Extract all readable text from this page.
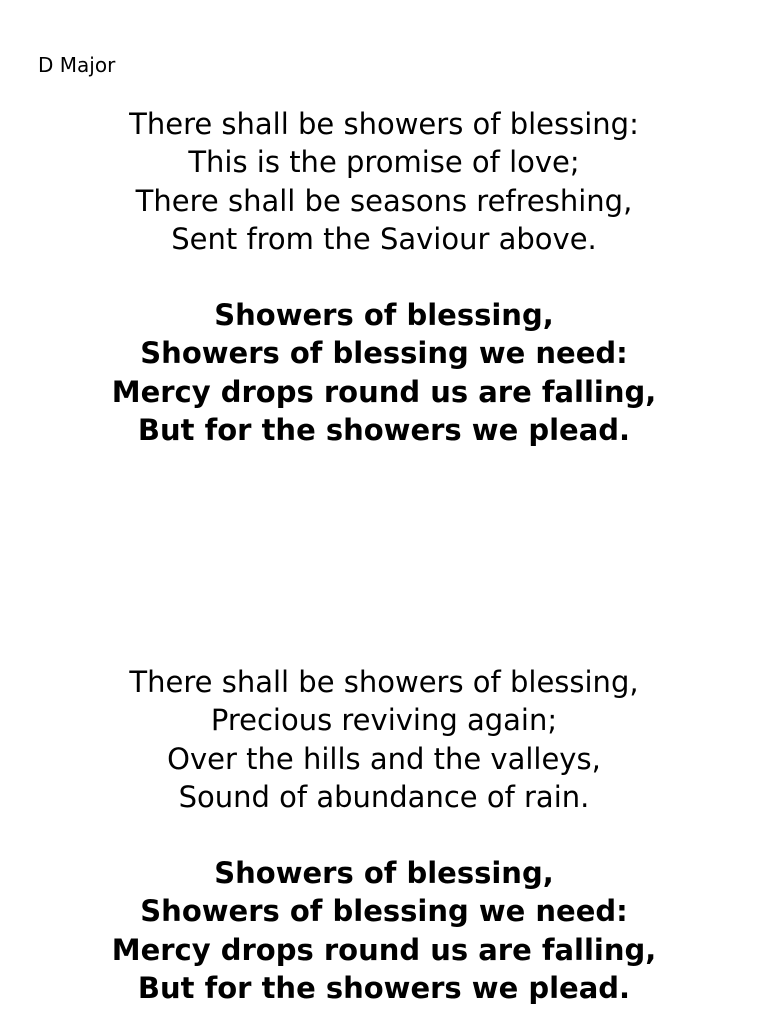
D Major
There shall be showers of blessing:
This is the promise of love;
There shall be seasons refreshing,
Sent from the Saviour above.
Showers of blessing,
Showers of blessing we need:
Mercy drops round us are falling,
But for the showers we plead.
There shall be showers of blessing,
Precious reviving again;
Over the hills and the valleys,
Sound of abundance of rain.
Showers of blessing,
Showers of blessing we need:
Mercy drops round us are falling,
But for the showers we plead.
